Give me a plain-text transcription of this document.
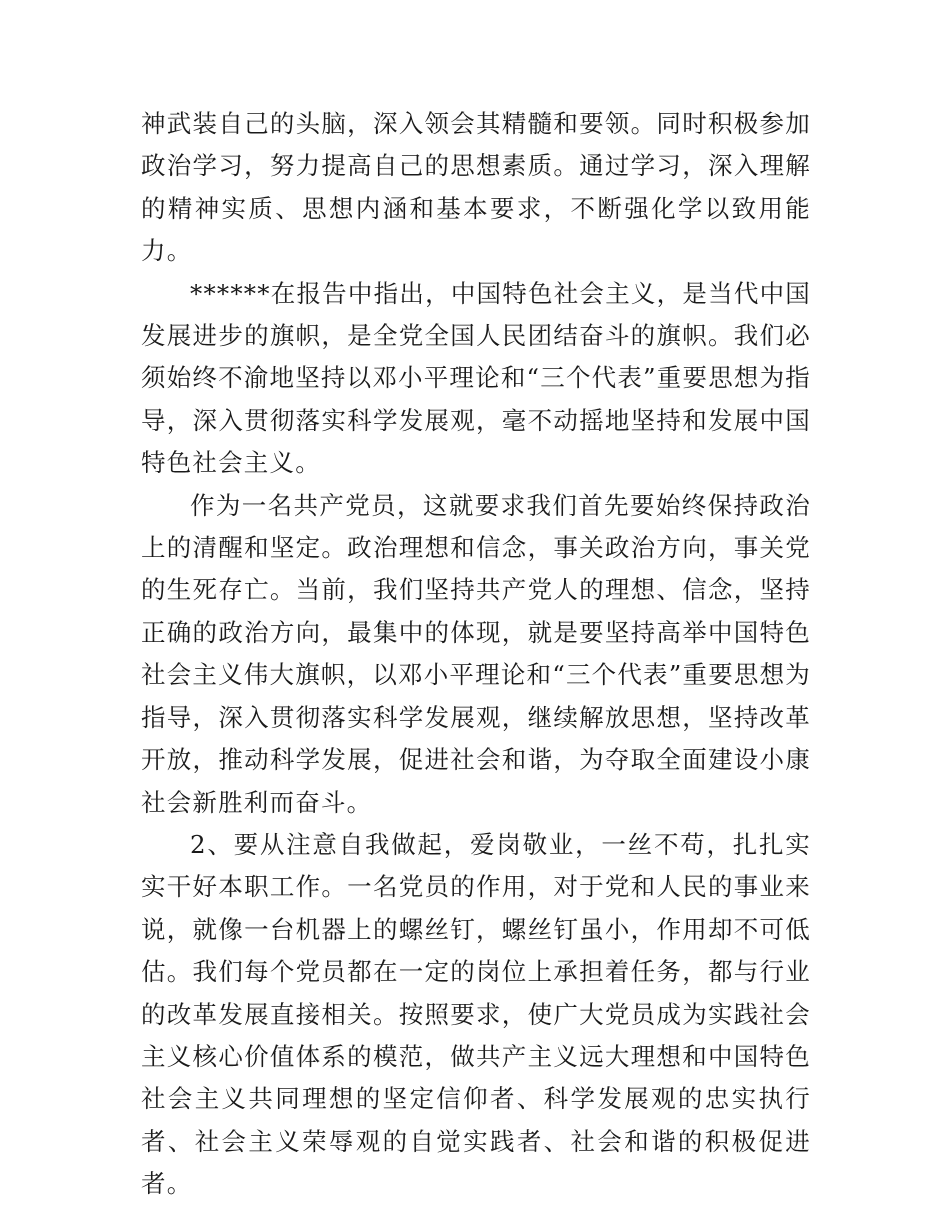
神武装自己的头脑，深入领会其精髓和要领。同时积极参加政治学习，努力提高自己的思想素质。通过学习，深入理解的精神实质、思想内涵和基本要求，不断强化学以致用能力。

******在报告中指出，中国特色社会主义，是当代中国发展进步的旗帜，是全党全国人民团结奋斗的旗帜。我们必须始终不渝地坚持以邓小平理论和“三个代表”重要思想为指导，深入贯彻落实科学发展观，毫不动摇地坚持和发展中国特色社会主义。

作为一名共产党员，这就要求我们首先要始终保持政治上的清醒和坚定。政治理想和信念，事关政治方向，事关党的生死存亡。当前，我们坚持共产党人的理想、信念，坚持正确的政治方向，最集中的体现，就是要坚持高举中国特色社会主义伟大旗帜，以邓小平理论和“三个代表”重要思想为指导，深入贯彻落实科学发展观，继续解放思想，坚持改革开放，推动科学发展，促进社会和谐，为夺取全面建设小康社会新胜利而奋斗。

2、要从注意自我做起，爱岗敬业，一丝不苟，扎扎实实干好本职工作。一名党员的作用，对于党和人民的事业来说，就像一台机器上的螺丝钉，螺丝钉虽小，作用却不可低估。我们每个党员都在一定的岗位上承担着任务，都与行业的改革发展直接相关。按照要求，使广大党员成为实践社会主义核心价值体系的模范，做共产主义远大理想和中国特色社会主义共同理想的坚定信仰者、科学发展观的忠实执行者、社会主义荣辱观的自觉实践者、社会和谐的积极促进者。
